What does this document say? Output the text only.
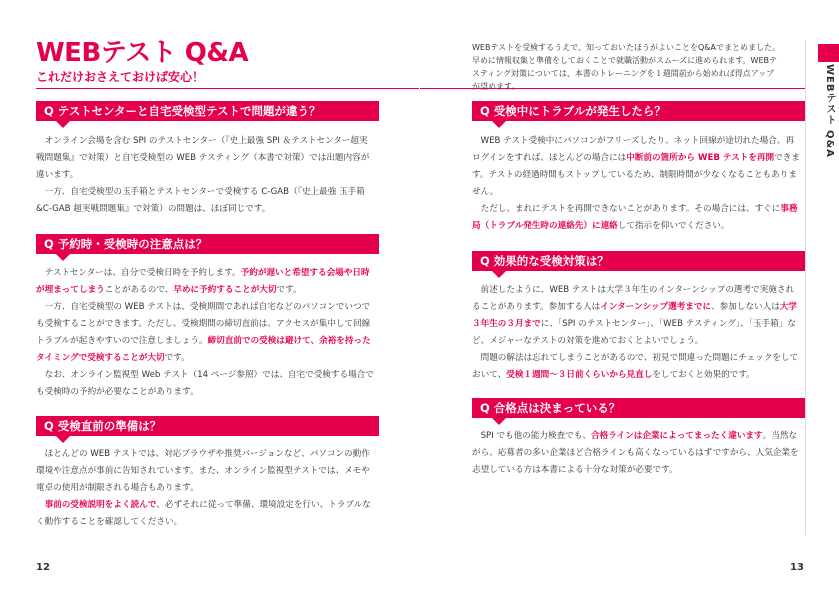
WEBテスト Q&A
これだけおさえておけば安心！
Q テストセンターと自宅受検型テストで問題が違う？

オンライン会場を含む SPI のテストセンター（『史上最強 SPI ＆テストセンター超実戦問題集』で対策）と自宅受検型の WEB テスティング（本書で対策）では出題内容が違います。

一方、自宅受検型の玉手箱とテストセンターで受検する C-GAB（『史上最強 玉手箱 &C-GAB 超実戦問題集』で対策）の問題は、ほぼ同じです。

Q 予約時・受検時の注意点は？

テストセンターは、自分で受検日時を予約します。予約が遅いと希望する会場や日時が埋まってしまうことがあるので、早めに予約することが大切です。

一方、自宅受検型の WEB テストは、受検期間であれば自宅などのパソコンでいつでも受検することができます。ただし、受検期間の締切直前は、アクセスが集中して回線トラブルが起きやすいので注意しましょう。締切直前での受検は避けて、余裕を持ったタイミングで受検することが大切です。

なお、オンライン監視型 Web テスト（14 ページ参照）では、自宅で受検する場合でも受検時の予約が必要なことがあります。

Q 受検直前の準備は？

ほとんどの WEB テストでは、対応ブラウザや推奨バージョンなど、パソコンの動作環境や注意点が事前に告知されています。また、オンライン監視型テストでは、メモや電卓の使用が制限される場合もあります。

事前の受検説明をよく読んで、必ずそれに従って準備、環境設定を行い、トラブルなく動作することを確認してください。

12
WEBテストを受検するうえで、知っておいたほうがよいことをQ&Aでまとめました。早めに情報収集と準備をしておくことで就職活動がスムーズに進められます。WEBテスティング対策については、本書のトレーニングを１週間前から始めれば得点アップが望めます。
Q 受検中にトラブルが発生したら？

WEB テスト受検中にパソコンがフリーズしたり、ネット回線が途切れた場合、再ログインをすれば、ほとんどの場合には中断前の箇所から WEB テストを再開できます。テストの経過時間もストップしているため、制限時間が少なくなることもありません。

ただし、まれにテストを再開できないことがあります。その場合には、すぐに事務局（トラブル発生時の連絡先）に連絡して指示を仰いでください。

Q 効果的な受検対策は？

前述したように、WEB テストは大学３年生のインターンシップの選考で実施されることがあります。参加する人はインターンシップ選考までに、参加しない人は大学３年生の３月までに、「SPI のテストセンター」、「WEB テスティング」、「玉手箱」など、メジャーなテストの対策を進めておくとよいでしょう。

問題の解法は忘れてしまうことがあるので、初見で間違った問題にチェックをしておいて、受検１週間〜３日前くらいから見直しをしておくと効果的です。

Q 合格点は決まっている？

SPI でも他の能力検査でも、合格ラインは企業によってまったく違います。当然ながら、応募者の多い企業ほど合格ラインも高くなっているはずですから、人気企業を志望している方は本書による十分な対策が必要です。

13
WEBテスト Q&A
